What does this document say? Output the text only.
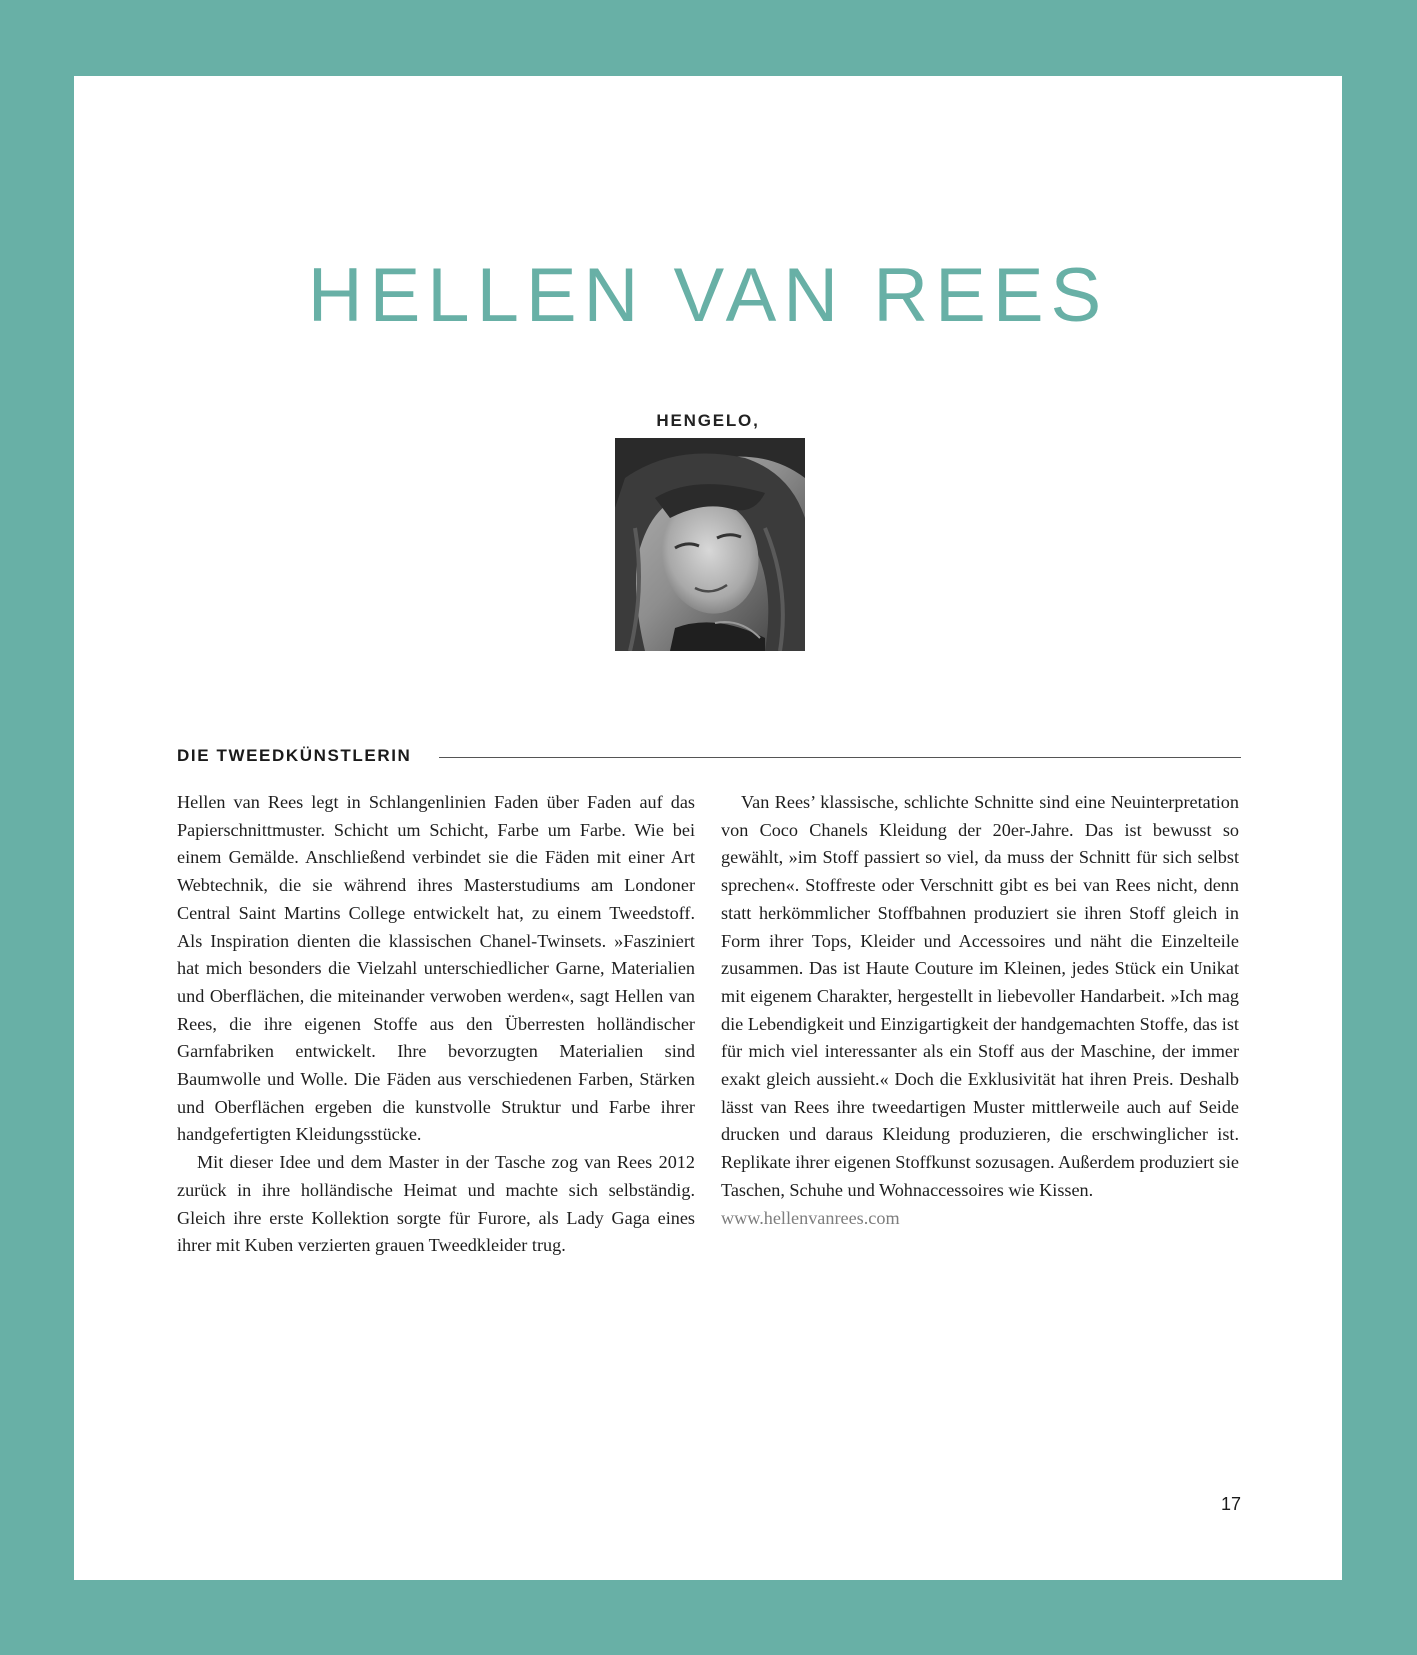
HELLEN VAN REES
HENGELO,
DIE TWEEDKÜNSTLERIN

Hellen van Rees legt in Schlangenlinien Faden über Faden auf das Papierschnittmuster. Schicht um Schicht, Farbe um Farbe. Wie bei einem Gemälde. Anschließend verbindet sie die Fäden mit einer Art Webtechnik, die sie während ihres Masterstudiums am Londoner Central Saint Martins College entwickelt hat, zu einem Tweedstoff. Als Inspiration dienten die klassischen Chanel-Twinsets. »Fasziniert hat mich besonders die Vielzahl unterschiedlicher Garne, Materialien und Oberflächen, die miteinander verwoben werden«, sagt Hellen van Rees, die ihre eigenen Stoffe aus den Überresten holländischer Garnfabriken entwickelt. Ihre bevorzugten Materialien sind Baumwolle und Wolle. Die Fäden aus verschiedenen Farben, Stärken und Oberflächen ergeben die kunstvolle Struktur und Farbe ihrer handgefertigten Kleidungsstücke.

Mit dieser Idee und dem Master in der Tasche zog van Rees 2012 zurück in ihre holländische Heimat und machte sich selbständig. Gleich ihre erste Kollektion sorgte für Furore, als Lady Gaga eines ihrer mit Kuben verzierten grauen Tweedkleider trug.

Van Rees’ klassische, schlichte Schnitte sind eine Neuinterpretation von Coco Chanels Kleidung der 20er-Jahre. Das ist bewusst so gewählt, »im Stoff passiert so viel, da muss der Schnitt für sich selbst sprechen«. Stoffreste oder Verschnitt gibt es bei van Rees nicht, denn statt herkömmlicher Stoffbahnen produziert sie ihren Stoff gleich in Form ihrer Tops, Kleider und Accessoires und näht die Einzelteile zusammen. Das ist Haute Couture im Kleinen, jedes Stück ein Unikat mit eigenem Charakter, hergestellt in liebevoller Handarbeit. »Ich mag die Lebendigkeit und Einzigartigkeit der handgemachten Stoffe, das ist für mich viel interessanter als ein Stoff aus der Maschine, der immer exakt gleich aussieht.« Doch die Exklusivität hat ihren Preis. Deshalb lässt van Rees ihre tweedartigen Muster mittlerweile auch auf Seide drucken und daraus Kleidung produzieren, die erschwinglicher ist. Replikate ihrer eigenen Stoffkunst sozusagen. Außerdem produziert sie Taschen, Schuhe und Wohnaccessoires wie Kissen.

www.hellenvanrees.com

17
